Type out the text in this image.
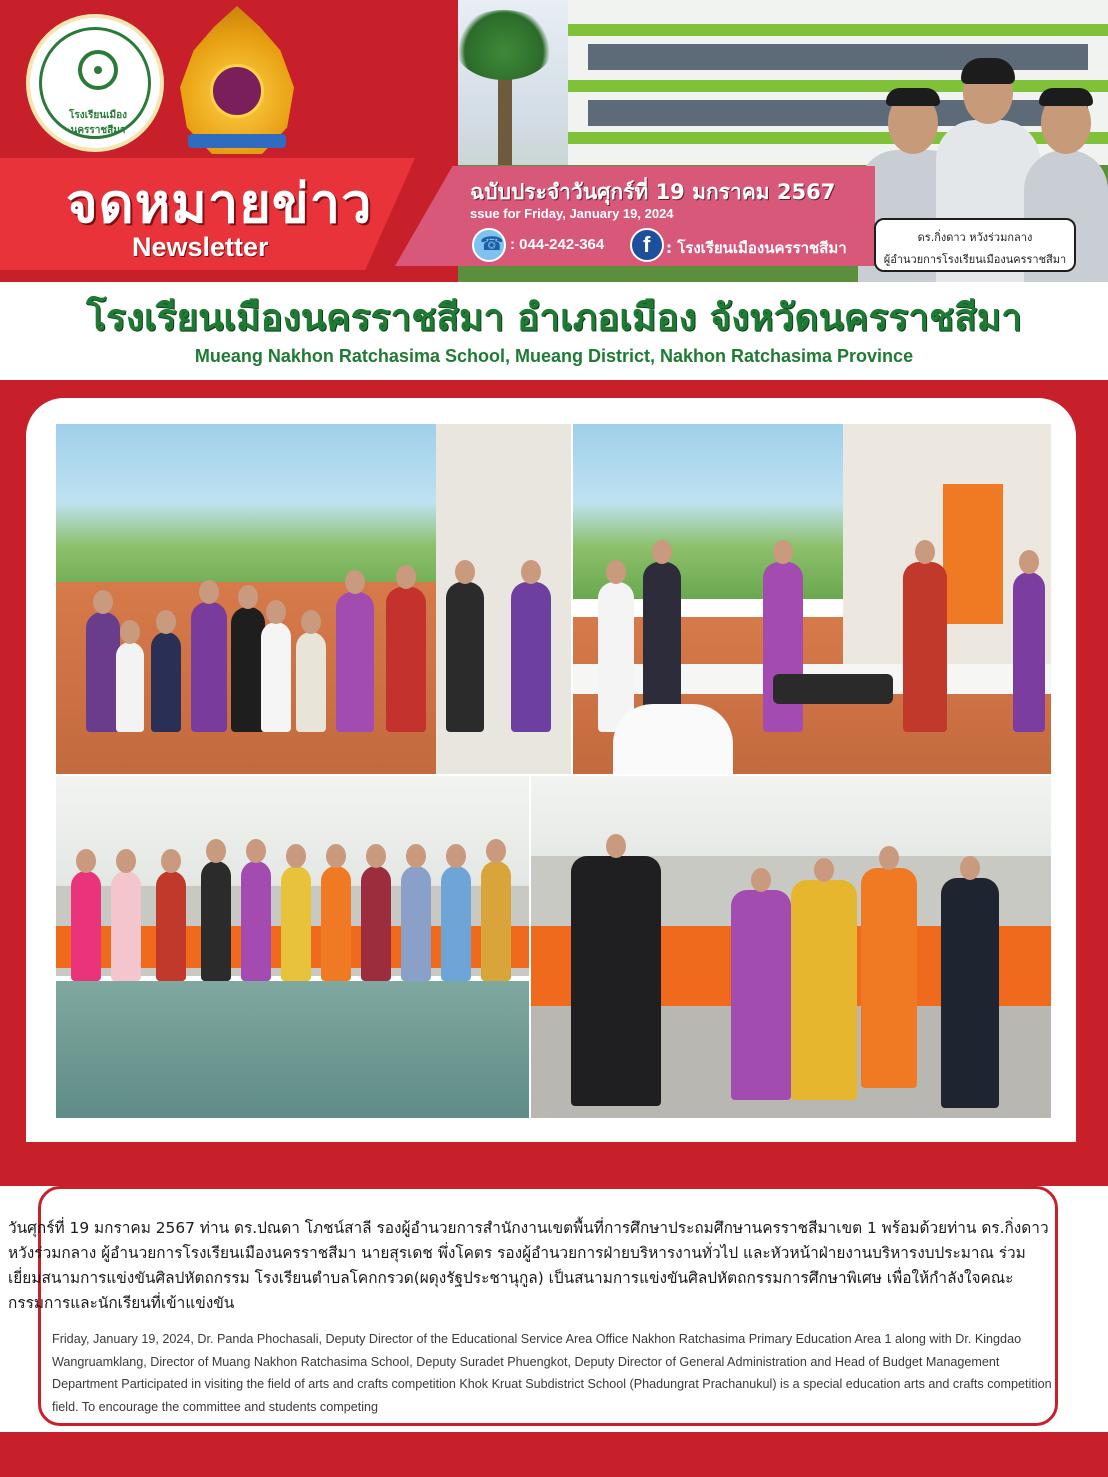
โรงเรียนเมืองนครราชสีมา
จดหมายข่าว
Newsletter
ฉบับประจำวันศุกร์ที่ 19 มกราคม 2567
ssue for Friday, January 19, 2024
☎
: 044-242-364
f	: โรงเรียนเมืองนครราชสีมา
ดร.กิ่งดาว หวังร่วมกลาง
ผู้อำนวยการโรงเรียนเมืองนครราชสีมา
โรงเรียนเมืองนครราชสีมา อำเภอเมือง จังหวัดนครราชสีมา
Mueang Nakhon Ratchasima School, Mueang District, Nakhon Ratchasima Province
วันศุกร์ที่ 19 มกราคม 2567 ท่าน ดร.ปณดา โภชน์สาลี รองผู้อำนวยการสำนักงานเขตพื้นที่การศึกษาประถมศึกษานครราชสีมาเขต 1 พร้อมด้วยท่าน ดร.กิ่งดาว หวังร่วมกลาง ผู้อำนวยการโรงเรียนเมืองนครราชสีมา นายสุรเดช พึ่งโคตร รองผู้อำนวยการฝ่ายบริหารงานทั่วไป และหัวหน้าฝ่ายงานบริหารงบประมาณ ร่วมเยี่ยมสนามการแข่งขันศิลปหัตถกรรม โรงเรียนตำบลโคกกรวด(ผดุงรัฐประชานุกูล) เป็นสนามการแข่งขันศิลปหัตถกรรมการศึกษาพิเศษ เพื่อให้กำลังใจคณะกรรมการและนักเรียนที่เข้าแข่งขัน
Friday, January 19, 2024, Dr. Panda Phochasali, Deputy Director of the Educational Service Area Office Nakhon Ratchasima Primary Education Area 1 along with Dr. Kingdao Wangruamklang, Director of Muang Nakhon Ratchasima School, Deputy Suradet Phuengkot, Deputy Director of General Administration and Head of Budget Management Department Participated in visiting the field of arts and crafts competition Khok Kruat Subdistrict School (Phadungrat Prachanukul) is a special education arts and crafts competition field. To encourage the committee and students competing
